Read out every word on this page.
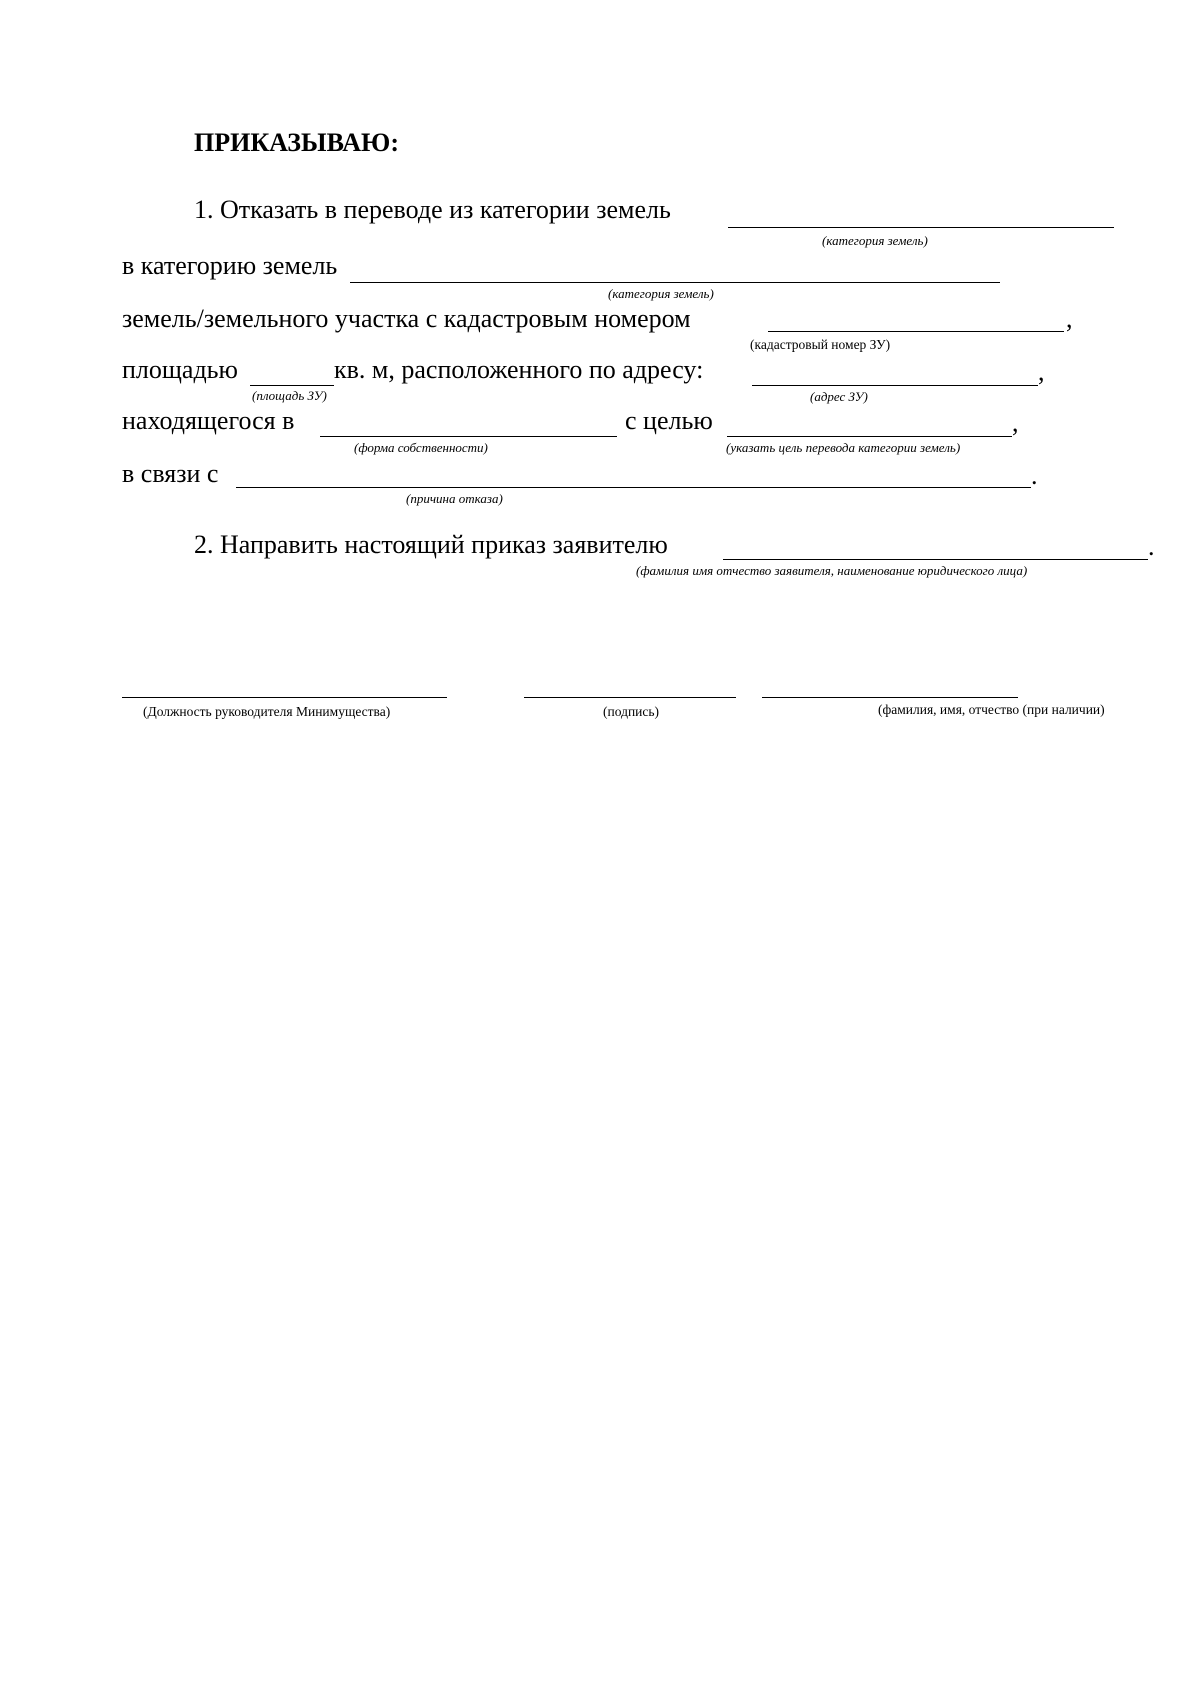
ПРИКАЗЫВАЮ:
1. Отказать в переводе из категории земель
(категория земель)
в категорию земель
(категория земель)
земель/земельного участка с кадастровым номером	,
(кадастровый номер ЗУ)
площадью	кв. м, расположенного по адресу:
(площадь ЗУ)
,
(адрес ЗУ)
находящегося в	с целью
(форма собственности)
,
(указать цель перевода категории земель)
в связи с	.
(причина отказа)
2. Направить настоящий приказ заявителю	.
(фамилия имя отчество заявителя, наименование юридического лица)
(Должность руководителя Минимущества)	(подпись)	(фамилия, имя, отчество (при наличии)
